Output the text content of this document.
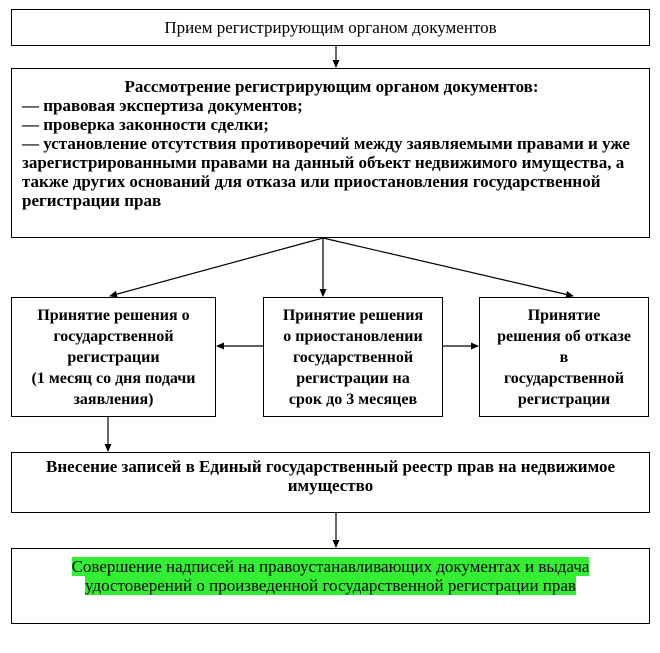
Прием регистрирующим органом документов
Рассмотрение регистрирующим органом документов:
— правовая экспертиза документов;
— проверка законности сделки;
— установление отсутствия противоречий между заявляемыми правами и уже зарегистрированными правами на данный объект недвижимого имущества, а также других оснований для отказа или приостановления государственной регистрации прав
Принятие решения о
государственной
регистрации
(1 месяц со дня подачи
заявления)
Принятие решения
о приостановлении
государственной
регистрации на
срок до 3 месяцев
Принятие
решения об отказе
в
государственной
регистрации
Внесение записей в Единый государственный реестр прав на недвижимое
имущество
Совершение надписей на правоустанавливающих документах и выдача
удостоверений о произведенной государственной регистрации прав
